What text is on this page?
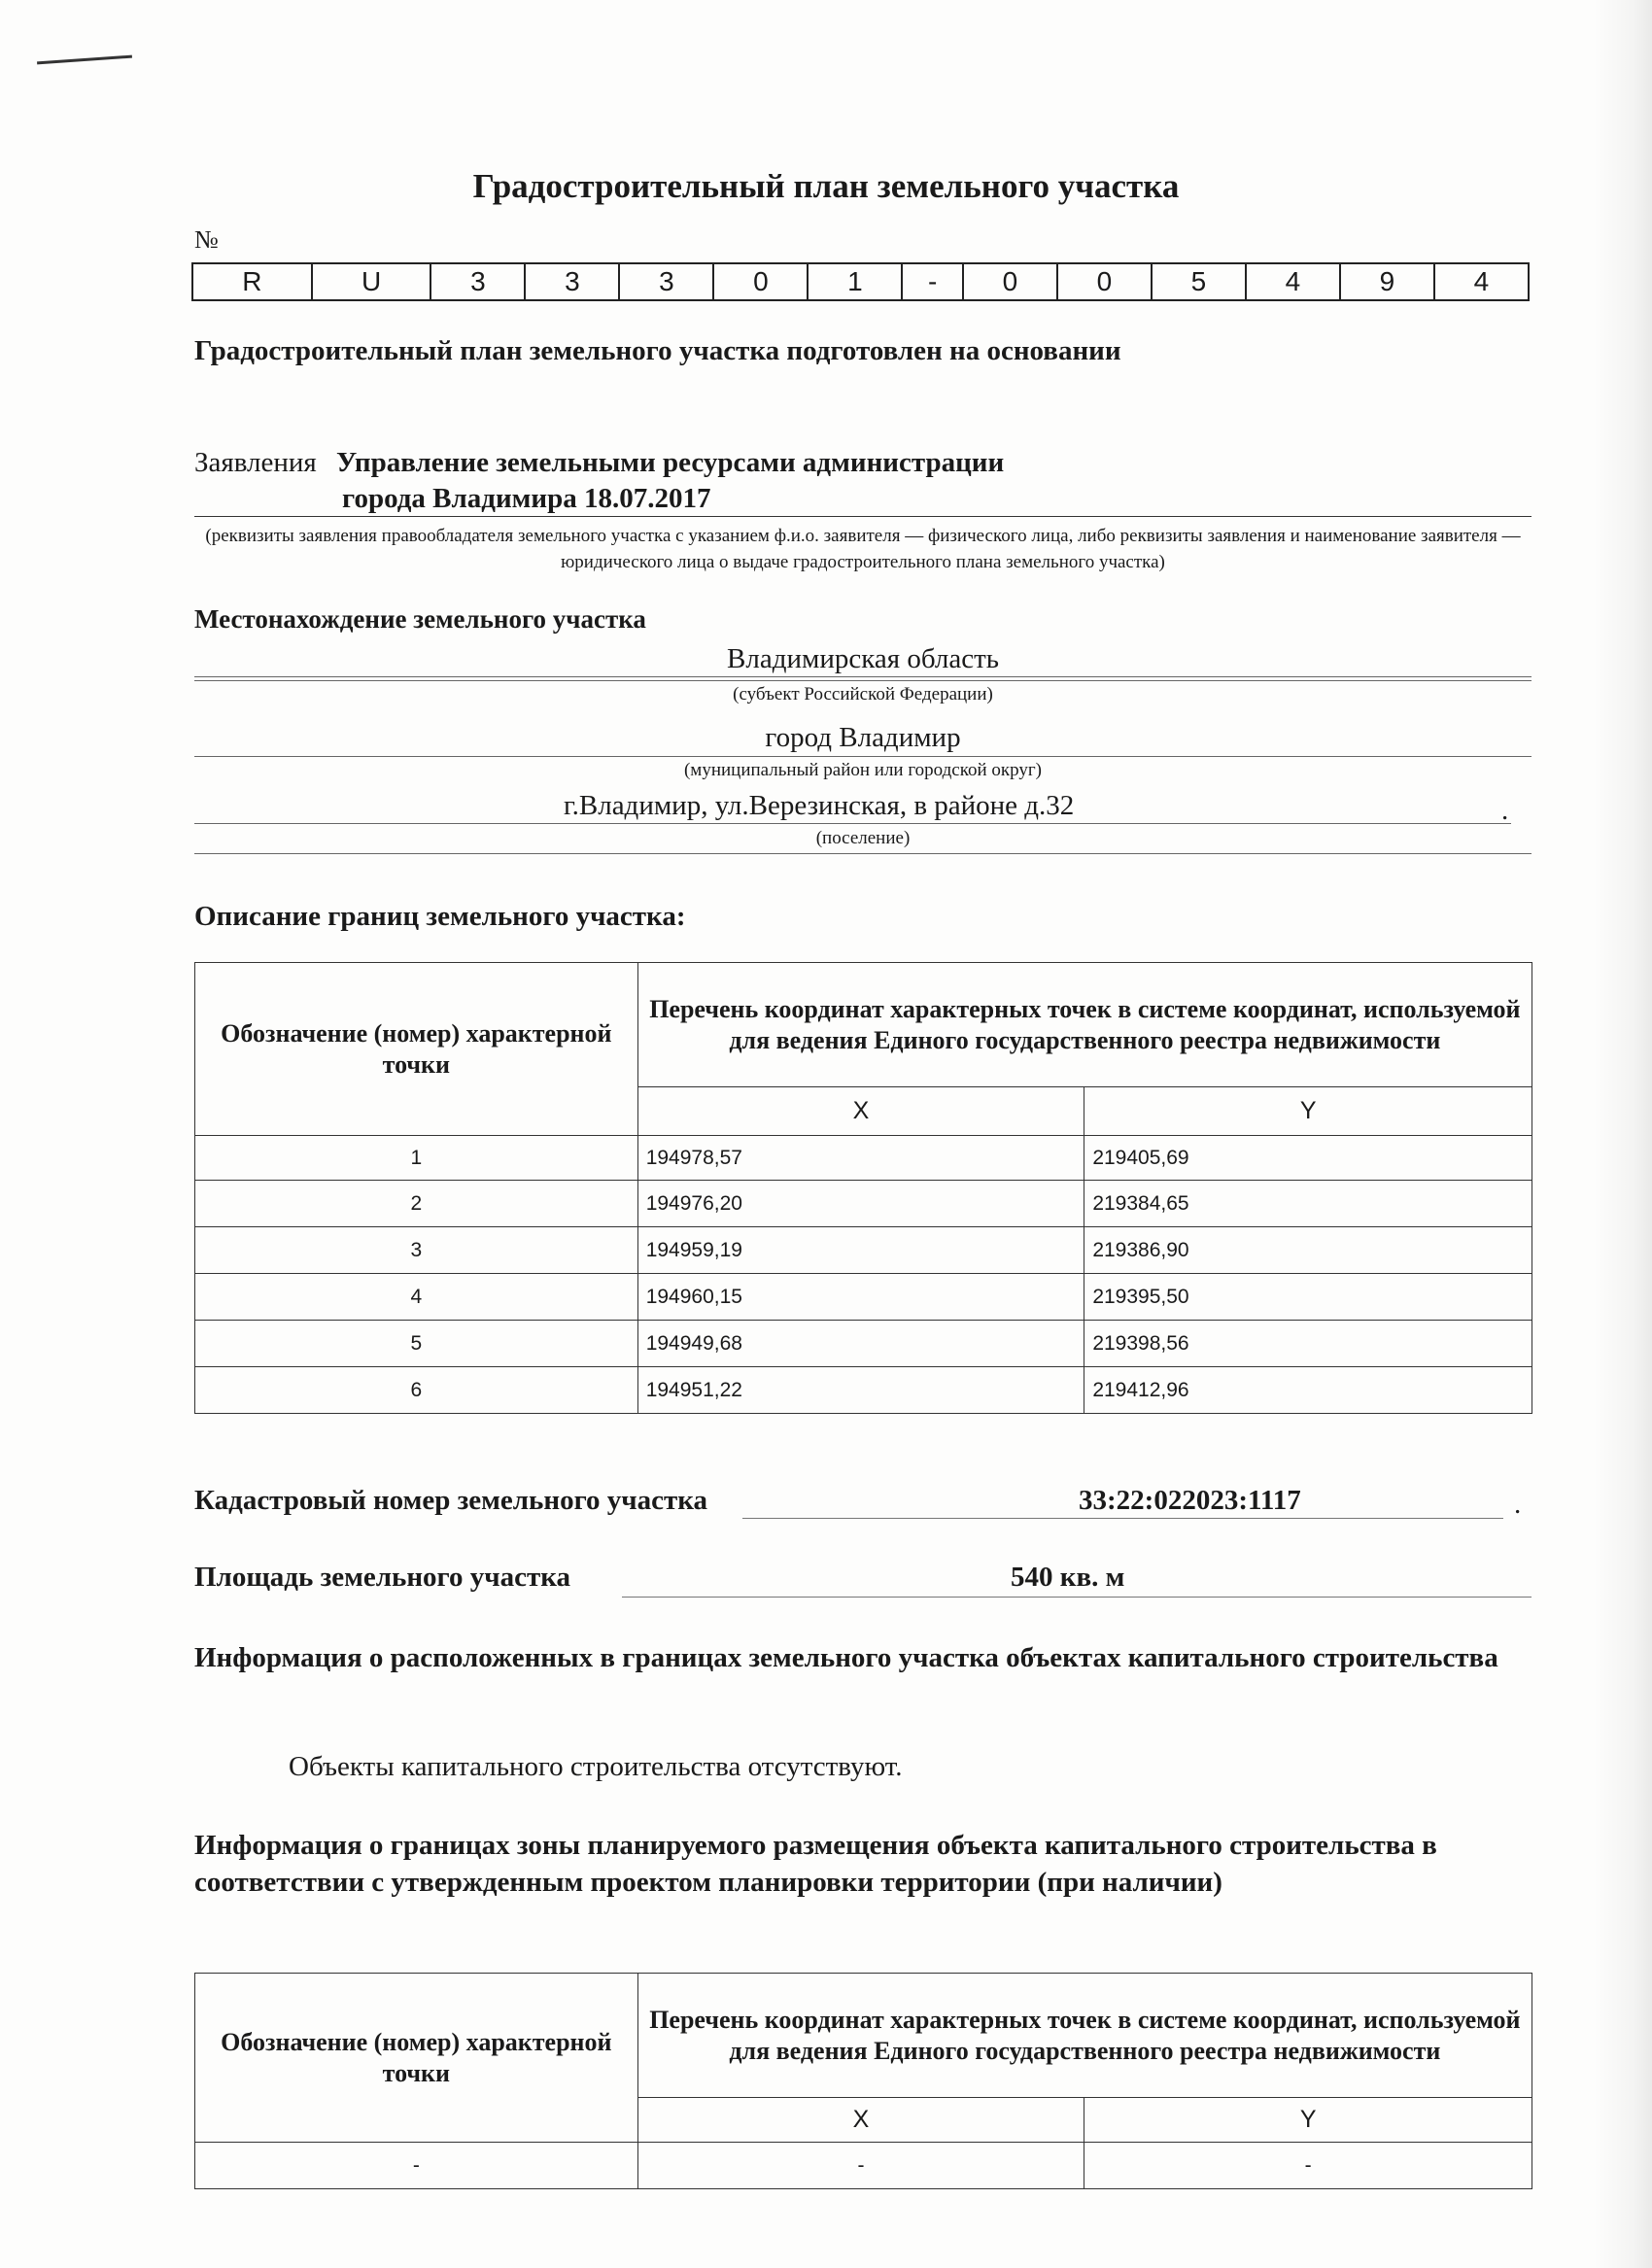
Градостроительный план земельного участка
№
R	U	3	3	3	0	1	-	0	0	5	4	9	4
Градостроительный план земельного участка подготовлен на основании
Заявления Управление земельными ресурсами администрации
города Владимира 18.07.2017
(реквизиты заявления правообладателя земельного участка с указанием ф.и.о. заявителя — физического лица, либо реквизиты заявления и наименование заявителя — юридического лица о выдаче градостроительного плана земельного участка)
Местонахождение земельного участка
Владимирская область
(субъект Российской Федерации)
город Владимир
(муниципальный район или городской округ)
г.Владимир, ул.Верезинская, в районе д.32	.
(поселение)
Описание границ земельного участка:
Обозначение (номер) характерной точки	Перечень координат характерных точек в системе координат, используемой для ведения Единого государственного реестра недвижимости	
	X	Y
1	194978,57	219405,69
2	194976,20	219384,65
3	194959,19	219386,90
4	194960,15	219395,50
5	194949,68	219398,56
6	194951,22	219412,96
Кадастровый номер земельного участка	33:22:022023:1117	.
Площадь земельного участка	540 кв. м
Информация о расположенных в границах земельного участка объектах капитального строительства
Объекты капитального строительства отсутствуют.
Информация о границах зоны планируемого размещения объекта капитального строительства в соответствии с утвержденным проектом планировки территории (при наличии)
Обозначение (номер) характерной точки	Перечень координат характерных точек в системе координат, используемой для ведения Единого государственного реестра недвижимости	
	X	Y
-	-	-
